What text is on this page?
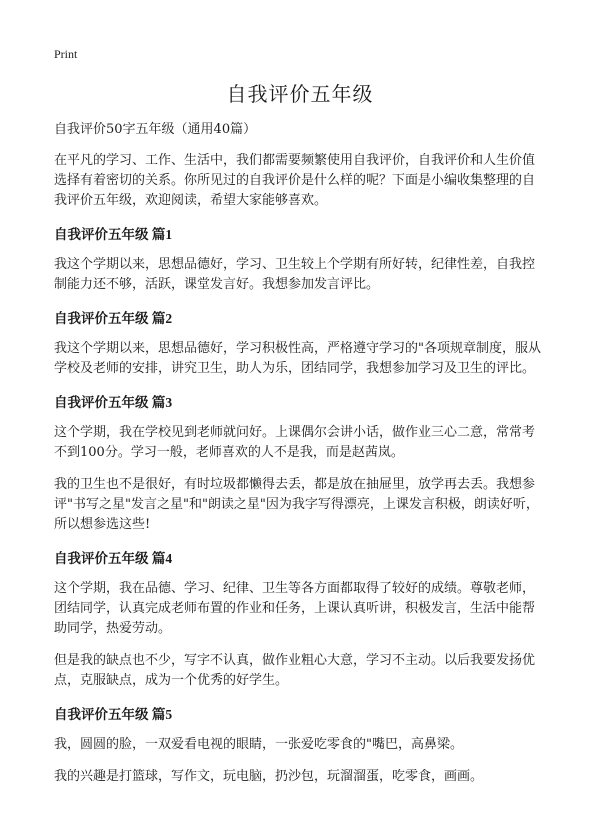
Print
自我评价五年级
自我评价50字五年级（通用40篇）

在平凡的学习、工作、生活中，我们都需要频繁使用自我评价，自我评价和人生价值选择有着密切的关系。你所见过的自我评价是什么样的呢？下面是小编收集整理的自我评价五年级，欢迎阅读，希望大家能够喜欢。

自我评价五年级 篇1

我这个学期以来，思想品德好，学习、卫生较上个学期有所好转，纪律性差，自我控制能力还不够，活跃，课堂发言好。我想参加发言评比。

自我评价五年级 篇2

我这个学期以来，思想品德好，学习积极性高，严格遵守学习的"各项规章制度，服从学校及老师的安排，讲究卫生，助人为乐，团结同学，我想参加学习及卫生的评比。

自我评价五年级 篇3

这个学期，我在学校见到老师就问好。上课偶尔会讲小话，做作业三心二意，常常考不到100分。学习一般，老师喜欢的人不是我，而是赵茜岚。

我的卫生也不是很好，有时垃圾都懒得去丢，都是放在抽屉里，放学再去丢。我想参评"书写之星"发言之星"和"朗读之星"因为我字写得漂亮，上课发言积极，朗读好听，所以想参选这些!

自我评价五年级 篇4

这个学期，我在品德、学习、纪律、卫生等各方面都取得了较好的成绩。尊敬老师，团结同学，认真完成老师布置的作业和任务，上课认真听讲，积极发言，生活中能帮助同学，热爱劳动。

但是我的缺点也不少，写字不认真，做作业粗心大意，学习不主动。以后我要发扬优点，克服缺点，成为一个优秀的好学生。

自我评价五年级 篇5

我，圆圆的脸，一双爱看电视的眼睛，一张爱吃零食的"嘴巴，高鼻梁。

我的兴趣是打篮球，写作文，玩电脑，扔沙包，玩溜溜蛋，吃零食，画画。
